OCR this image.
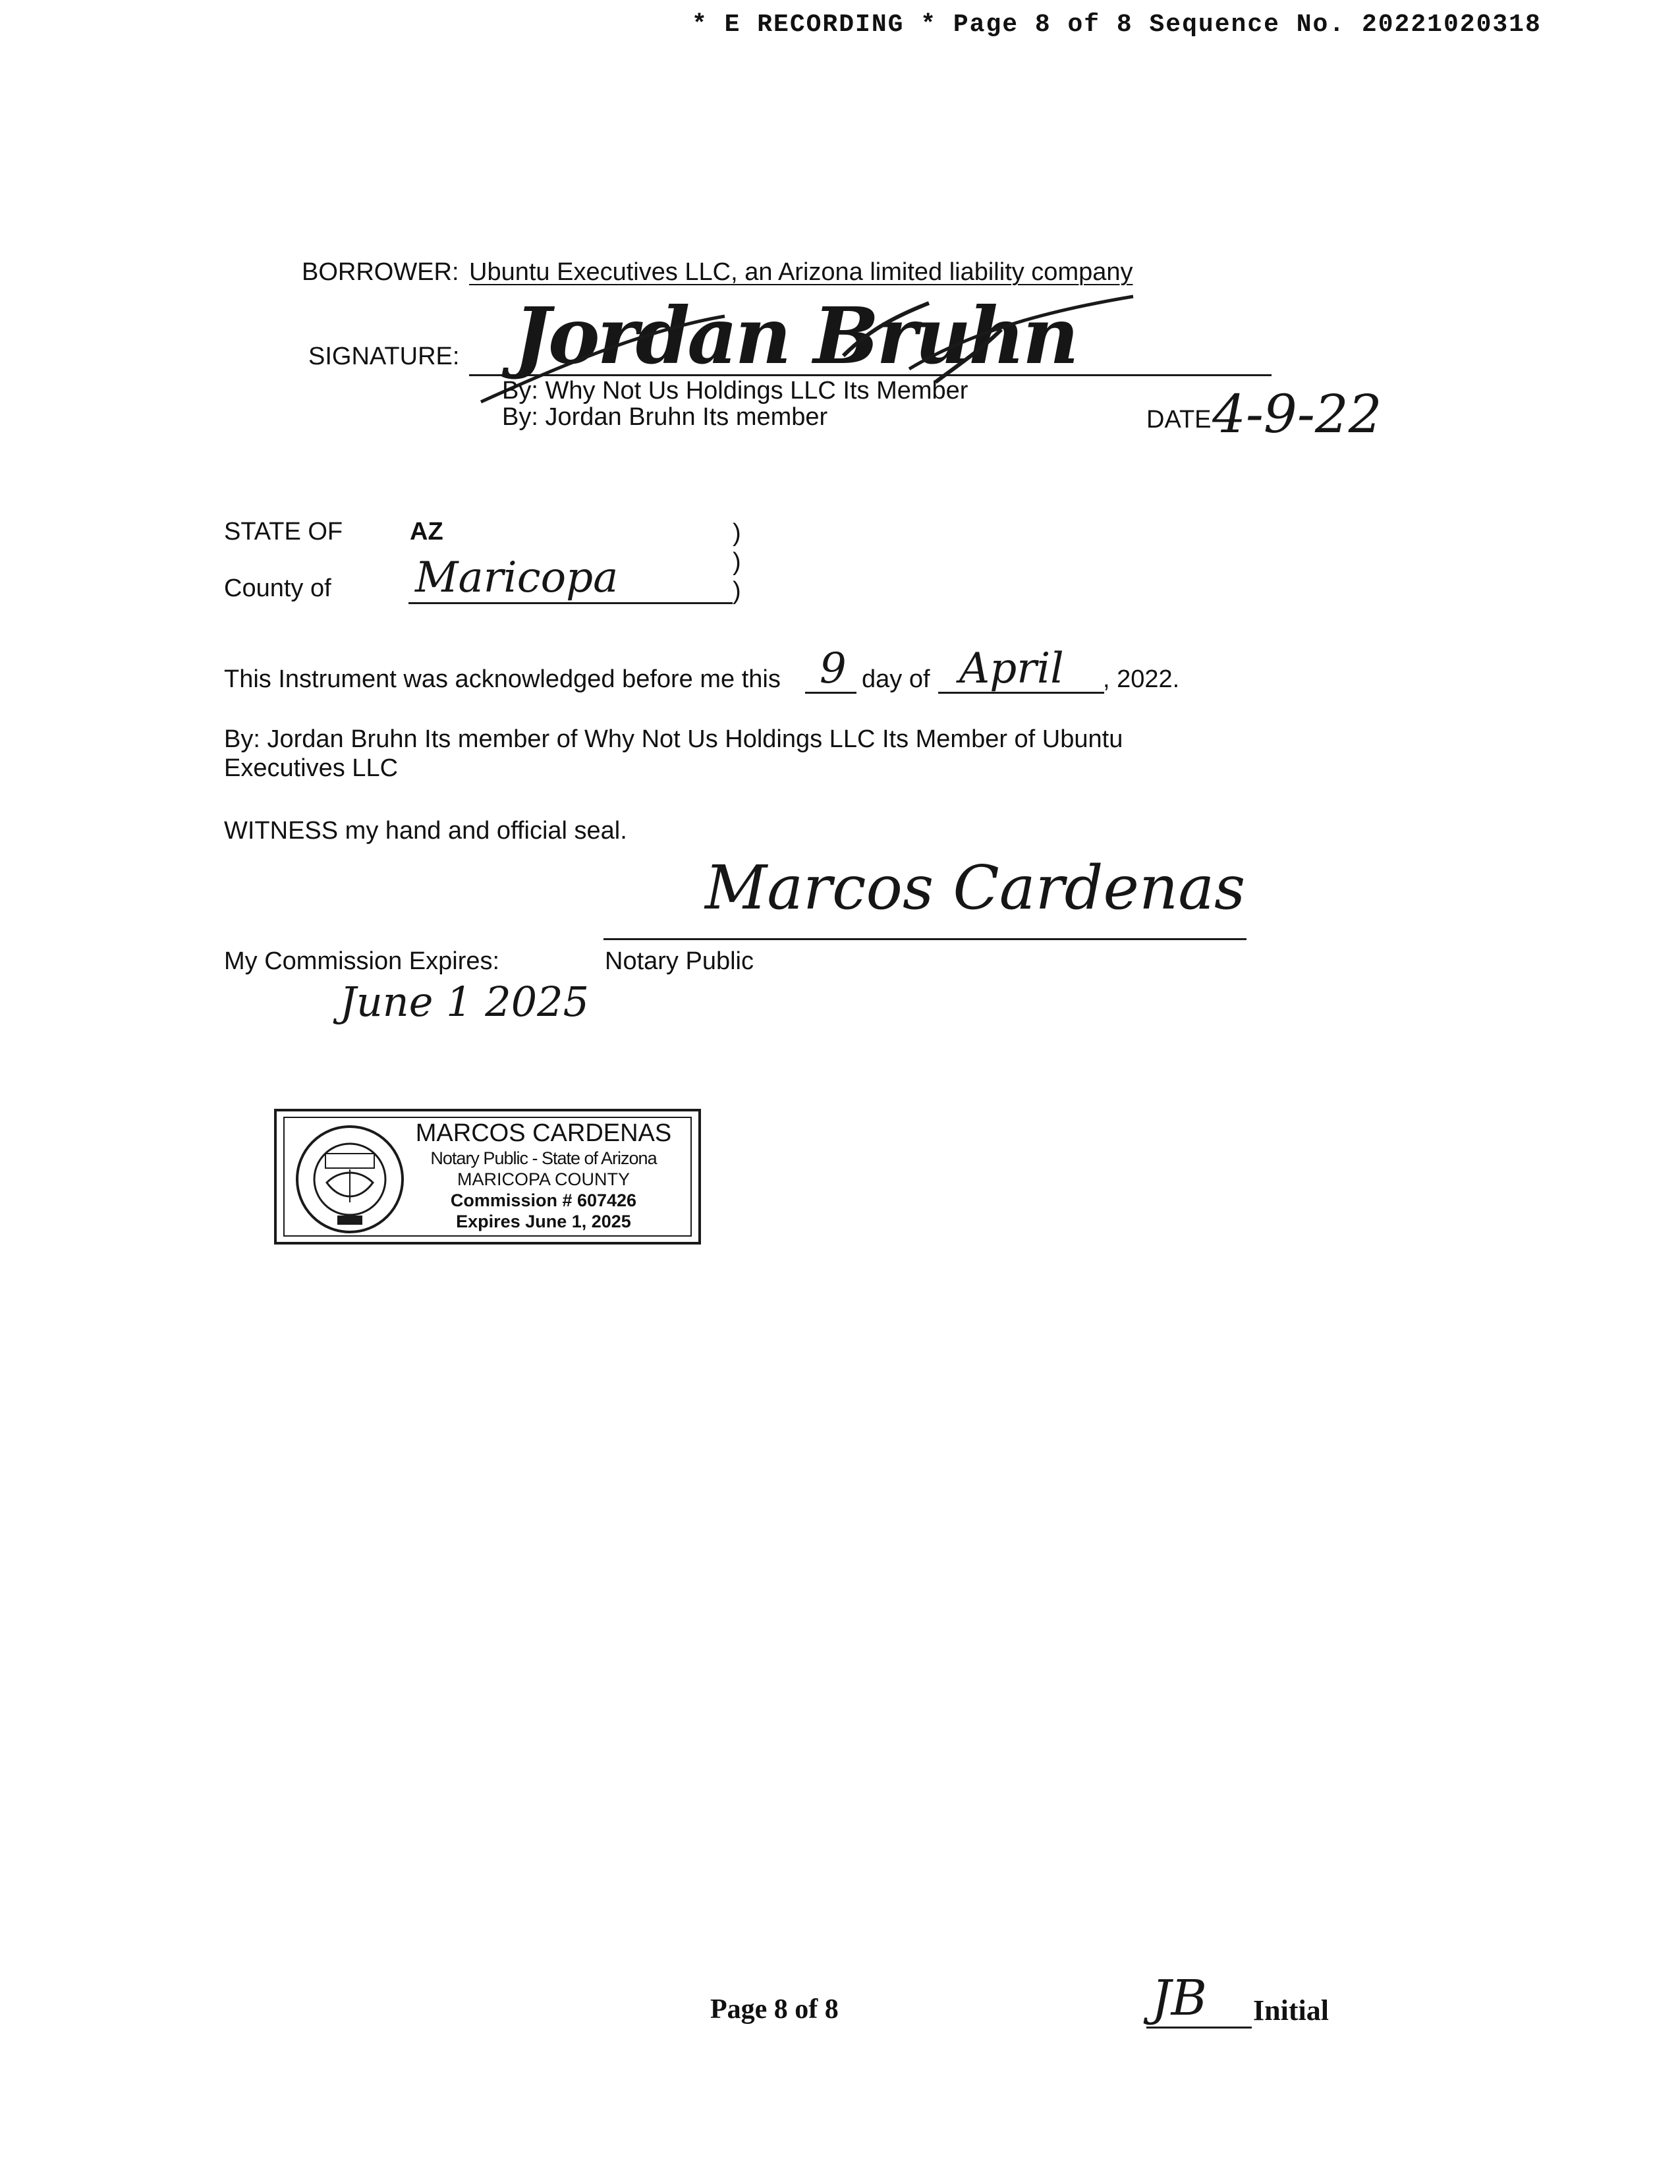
* E RECORDING * Page 8 of 8 Sequence No. 20221020318
BORROWER: Ubuntu Executives LLC, an Arizona limited liability company
SIGNATURE: Jordan Bruhn
By: Why Not Us Holdings LLC Its Member
By: Jordan Bruhn Its member	DATE 4-9-22
STATE OF	AZ	)
)
)
County of Maricopa
This Instrument was acknowledged before me this 9 day of April , 2022.
By: Jordan Bruhn Its member of Why Not Us Holdings LLC Its Member of Ubuntu Executives LLC
WITNESS my hand and official seal.
Marcos Cardenas
My Commission Expires:	Notary Public
June 1 2025
MARCOS CARDENAS
Notary Public - State of Arizona
MARICOPA COUNTY
Commission # 607426
Expires June 1, 2025
Page 8 of 8	JB Initial
